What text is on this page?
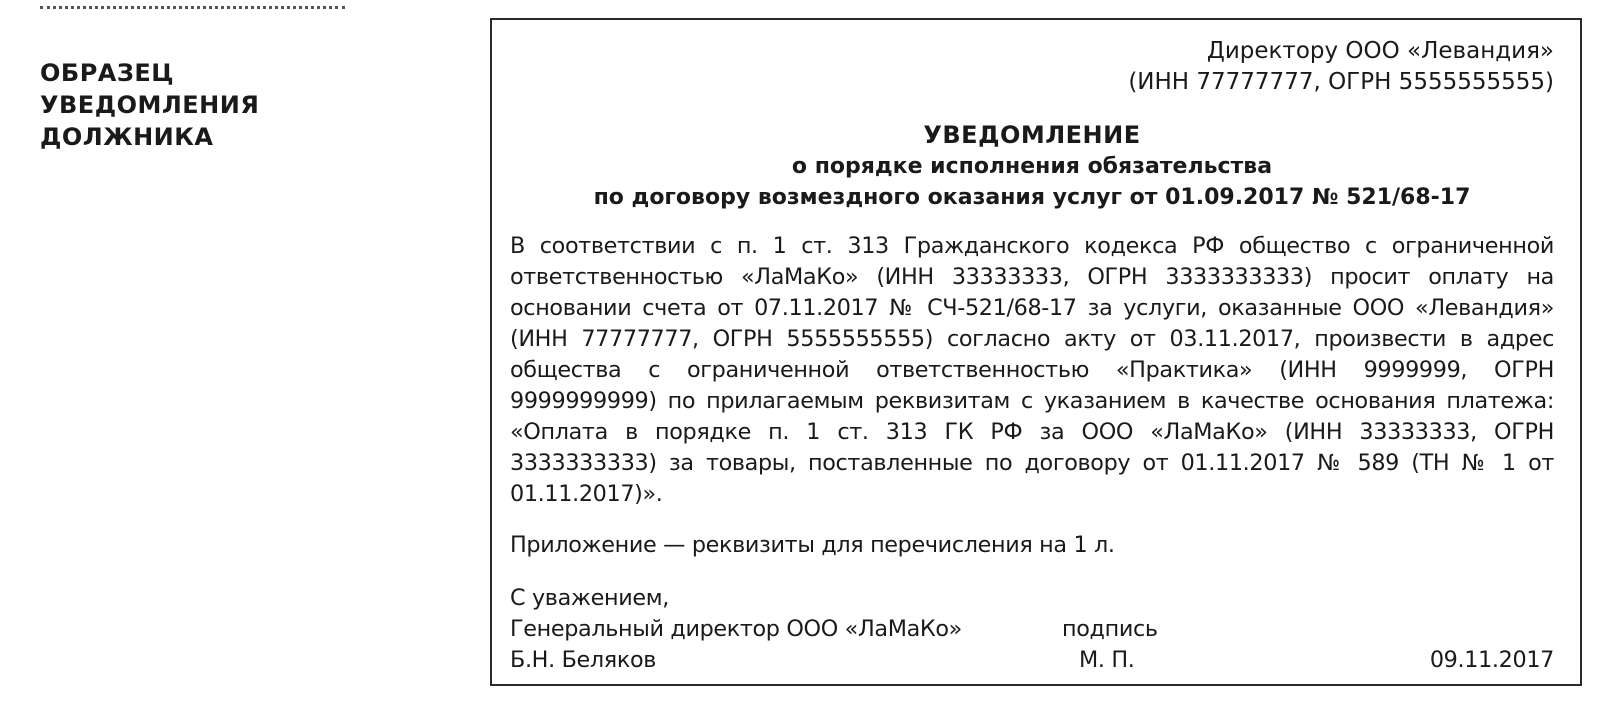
ОБРАЗЕЦ
УВЕДОМЛЕНИЯ
ДОЛЖНИКА
Директору ООО «Левандия»
(ИНН 77777777, ОГРН 5555555555)
УВЕДОМЛЕНИЕ
о порядке исполнения обязательства
по договору возмездного оказания услуг от 01.09.2017 № 521/68-17
В соответствии с п. 1 ст. 313 Гражданского кодекса РФ общество с ограниченной ответственностью «ЛаМаКо» (ИНН 33333333, ОГРН 3333333333) просит оплату на основании счета от 07.11.2017 № СЧ-521/68-17 за услуги, оказанные ООО «Левандия» (ИНН 77777777, ОГРН 5555555555) согласно акту от 03.11.2017, произвести в адрес общества с ограниченной ответственностью «Практика» (ИНН 9999999, ОГРН 9999999999) по прилагаемым реквизитам с указанием в качестве основания платежа: «Оплата в порядке п. 1 ст. 313 ГК РФ за ООО «ЛаМаКо» (ИНН 33333333, ОГРН 3333333333) за товары, поставленные по договору от 01.11.2017 № 589 (ТН № 1 от 01.11.2017)».
Приложение — реквизиты для перечисления на 1 л.
С уважением,
Генеральный директор ООО «ЛаМаКо»	подпись
Б.Н. Беляков	М. П.	09.11.2017
